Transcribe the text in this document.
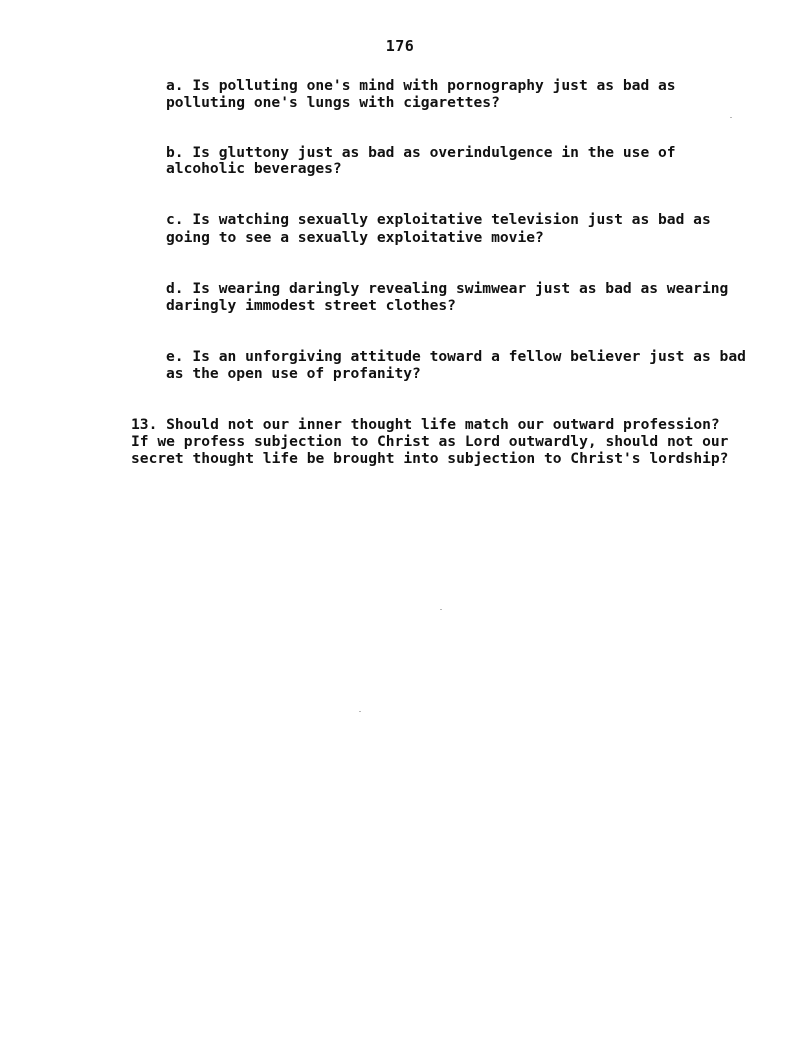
176
a. Is polluting one's mind with pornography just as bad as
polluting one's lungs with cigarettes?
b. Is gluttony just as bad as overindulgence in the use of
alcoholic beverages?
c. Is watching sexually exploitative television just as bad as
going to see a sexually exploitative movie?
d. Is wearing daringly revealing swimwear just as bad as wearing
daringly immodest street clothes?
e. Is an unforgiving attitude toward a fellow believer just as bad
as the open use of profanity?
13. Should not our inner thought life match our outward profession?
If we profess subjection to Christ as Lord outwardly, should not our
secret thought life be brought into subjection to Christ's lordship?
